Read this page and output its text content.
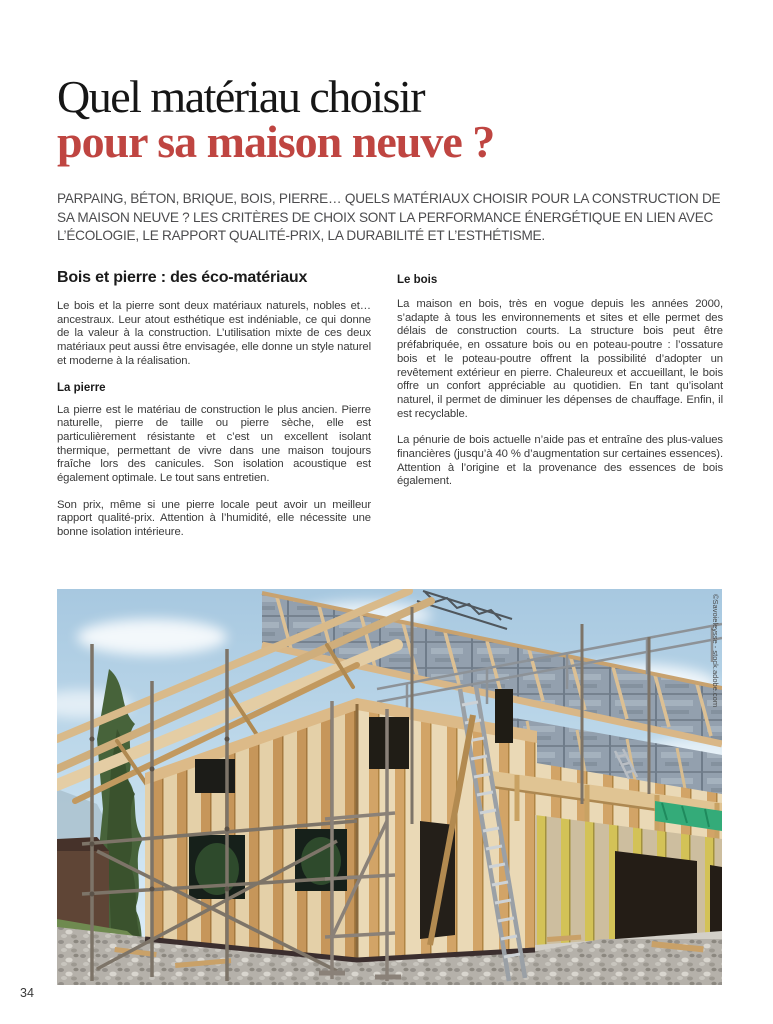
Quel matériau choisir
pour sa maison neuve ?

PARPAING, BÉTON, BRIQUE, BOIS, PIERRE… QUELS MATÉRIAUX CHOISIR POUR LA CONSTRUCTION DE SA MAISON NEUVE ? LES CRITÈRES DE CHOIX SONT LA PERFORMANCE ÉNERGÉTIQUE EN LIEN AVEC L’ÉCOLOGIE, LE RAPPORT QUALITÉ-PRIX, LA DURABILITÉ ET L’ESTHÉTISME.

Bois et pierre : des éco-matériaux

Le bois et la pierre sont deux matériaux naturels, nobles et… ancestraux. Leur atout esthétique est indéniable, ce qui donne de la valeur à la construction. L’utilisation mixte de ces deux matériaux peut aussi être envisagée, elle donne un style naturel et moderne à la réalisation.

La pierre

La pierre est le matériau de construction le plus ancien. Pierre naturelle, pierre de taille ou pierre sèche, elle est particulièrement résistante et c’est un excellent isolant thermique, permettant de vivre dans une maison toujours fraîche lors des canicules. Son isolation acoustique est également optimale. Le tout sans entretien.

Son prix, même si une pierre locale peut avoir un meilleur rapport qualité-prix. Attention à l’humidité, elle nécessite une bonne isolation intérieure.

Le bois

La maison en bois, très en vogue depuis les années 2000, s’adapte à tous les environnements et sites et elle permet des délais de construction courts. La structure bois peut être préfabriquée, en ossature bois ou en poteau-poutre : l’ossature bois et le poteau-poutre offrent la possibilité d’adopter un revêtement extérieur en pierre. Chaleureux et accueillant, le bois offre un confort appréciable au quotidien. En tant qu’isolant naturel, il permet de diminuer les dépenses de chauffage. Enfin, il est recyclable.

La pénurie de bois actuelle n’aide pas et entraîne des plus-values financières (jusqu’à 40 % d’augmentation sur certaines essences). Attention à l’origine et la provenance des essences de bois également.

©Savoieleysse - stock.adobe.com
34
